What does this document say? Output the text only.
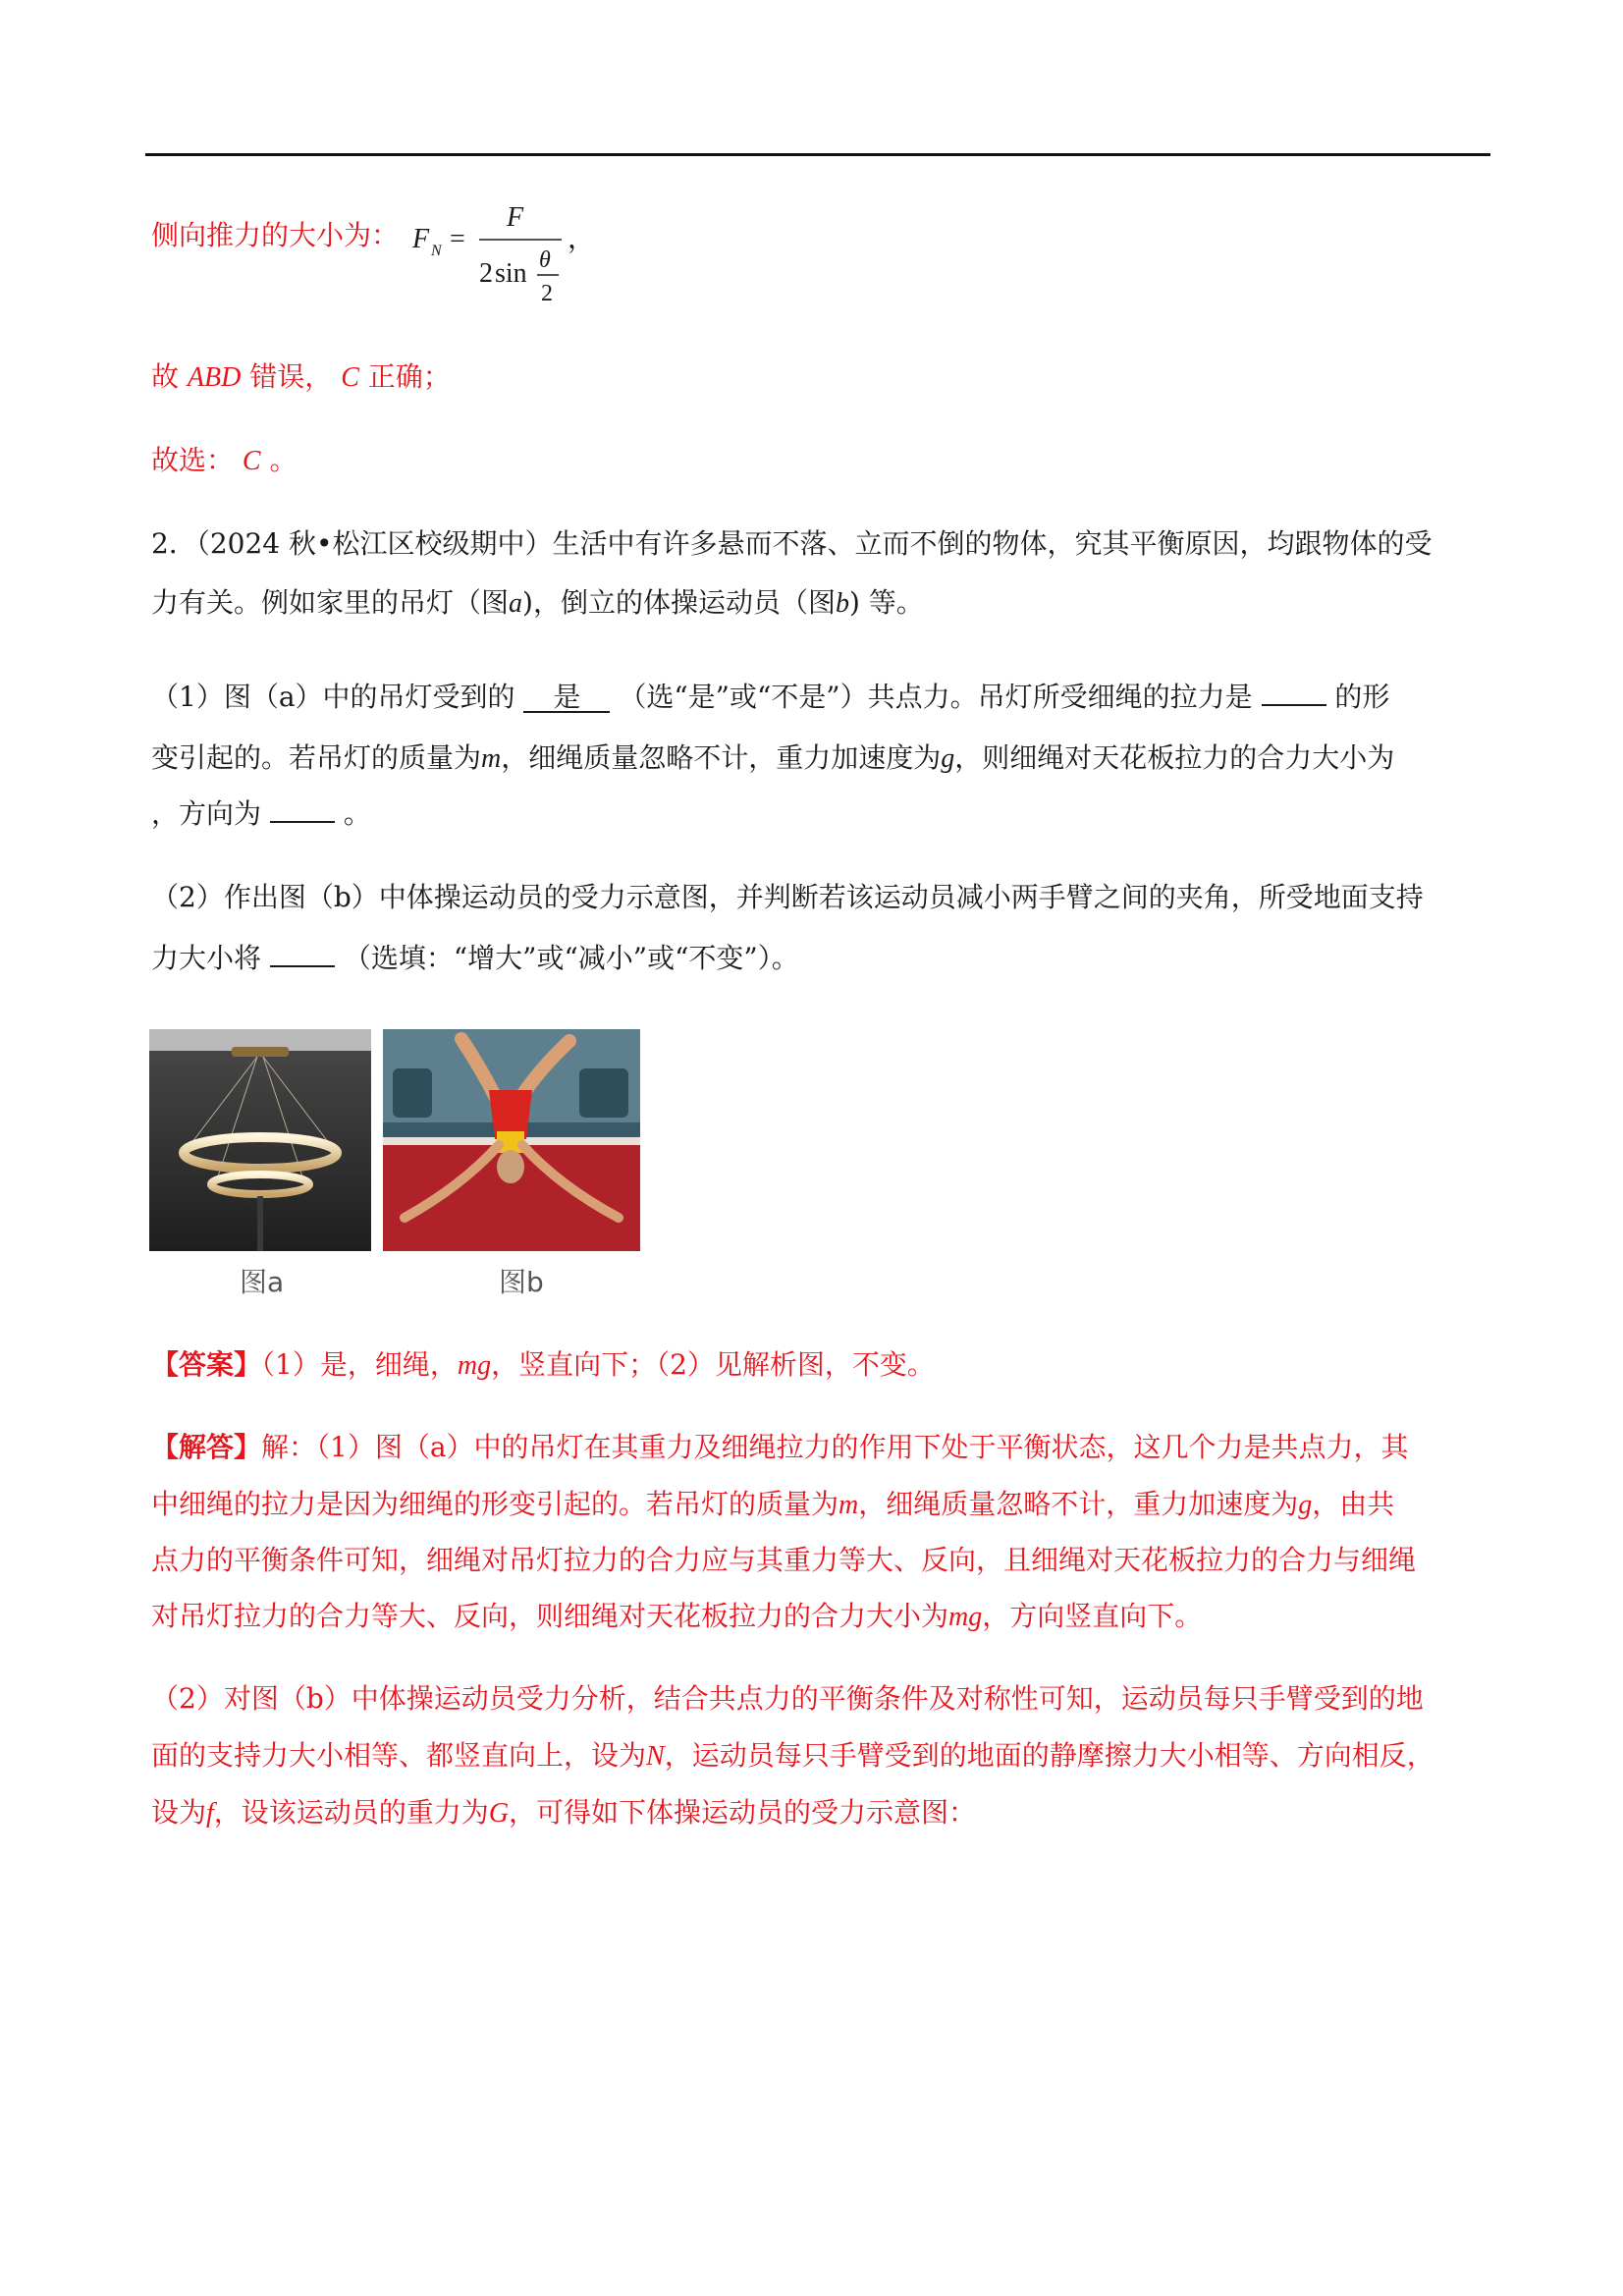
侧向推力的大小为： F N =
F
2 sin θ
2
，
故 ABD 错误， C 正确；
故选： C 。
2．（2024 秋•松江区校级期中）生活中有许多悬而不落、立而不倒的物体，究其平衡原因，均跟物体的受
力有关。例如家里的吊灯（图a)，倒立的体操运动员（图b) 等。
（1）图（a）中的吊灯受到的 是 （选“是”或“不是”）共点力。吊灯所受细绳的拉力是	的形
变引起的。若吊灯的质量为m，细绳质量忽略不计，重力加速度为g，则细绳对天花板拉力的合力大小为
，方向为	。
（2）作出图（b）中体操运动员的受力示意图，并判断若该运动员减小两手臂之间的夹角，所受地面支持
力大小将	（选填：“增大”或“减小”或“不变”）。
图a	图b
【答案】（1）是，细绳，mg，竖直向下；（2）见解析图，不变。
【解答】解：（1）图（a）中的吊灯在其重力及细绳拉力的作用下处于平衡状态，这几个力是共点力，其
中细绳的拉力是因为细绳的形变引起的。若吊灯的质量为m，细绳质量忽略不计，重力加速度为g，由共
点力的平衡条件可知，细绳对吊灯拉力的合力应与其重力等大、反向，且细绳对天花板拉力的合力与细绳
对吊灯拉力的合力等大、反向，则细绳对天花板拉力的合力大小为mg，方向竖直向下。
（2）对图（b）中体操运动员受力分析，结合共点力的平衡条件及对称性可知，运动员每只手臂受到的地
面的支持力大小相等、都竖直向上，设为N，运动员每只手臂受到的地面的静摩擦力大小相等、方向相反，
设为f，设该运动员的重力为G，可得如下体操运动员的受力示意图：
